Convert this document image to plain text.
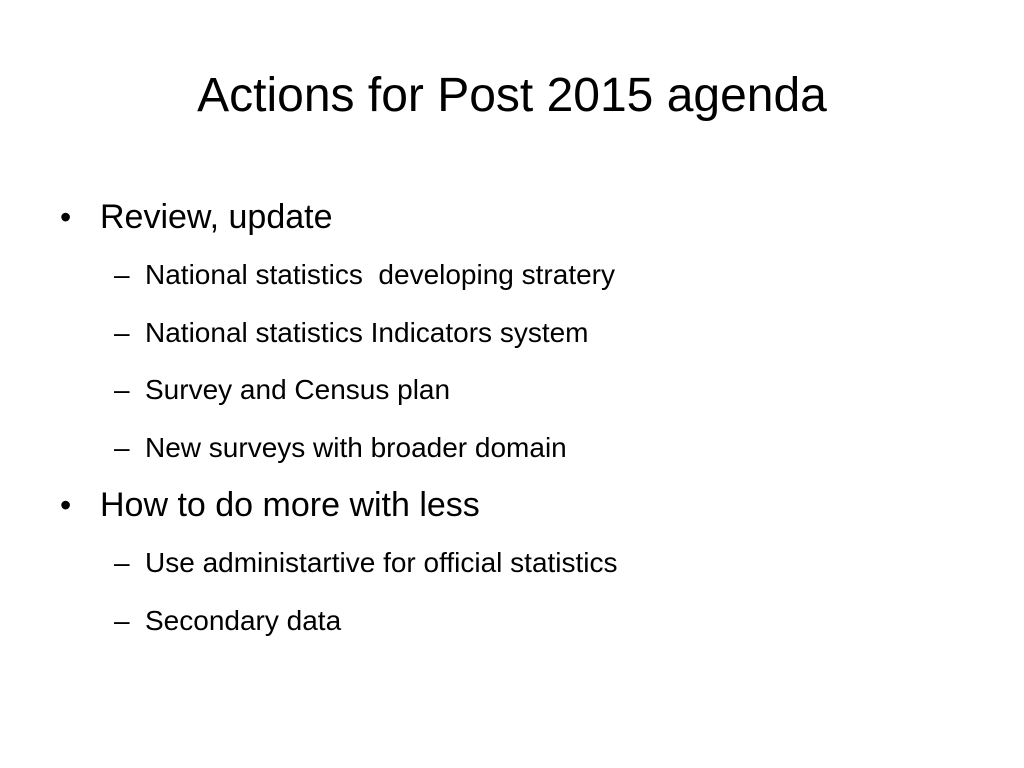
Actions for Post 2015 agenda
• Review, update
– National statistics  developing stratery
– National statistics Indicators system
– Survey and Census plan
– New surveys with broader domain
• How to do more with less
– Use administartive for official statistics
– Secondary data
